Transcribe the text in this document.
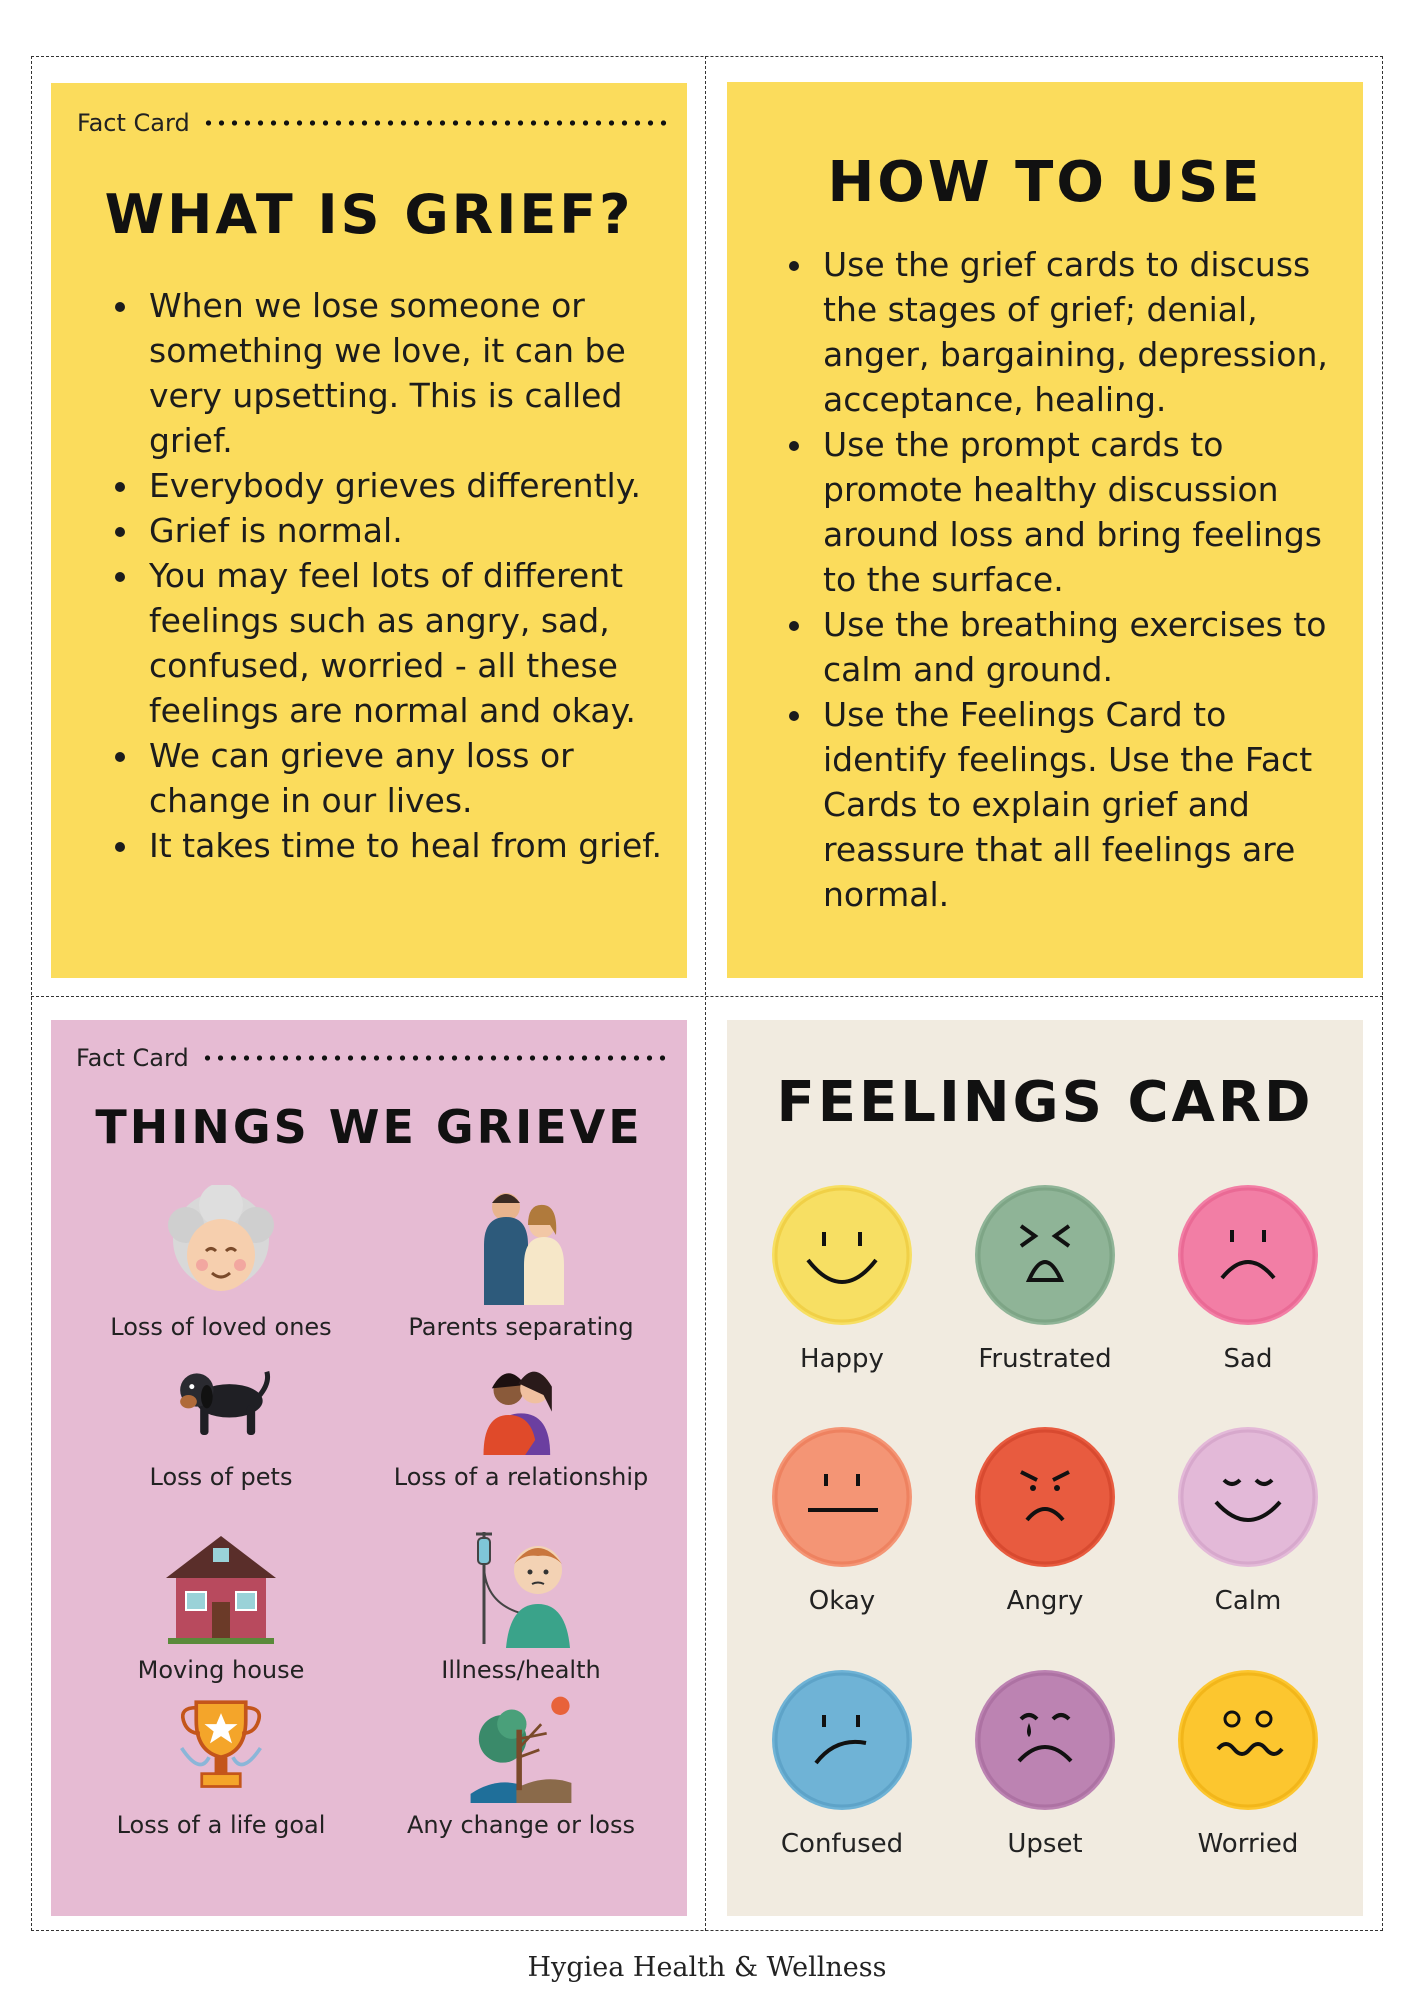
Fact Card
WHAT IS GRIEF?
When we lose someone or something we love, it can be very upsetting. This is called grief.
Everybody grieves differently.
Grief is normal.
You may feel lots of different feelings such as angry, sad, confused, worried - all these feelings are normal and okay.
We can grieve any loss or change in our lives.
It takes time to heal from grief.
HOW TO USE
Use the grief cards to discuss the stages of grief; denial, anger, bargaining, depression, acceptance, healing.
Use the prompt cards to promote healthy discussion around loss and bring feelings to the surface.
Use the breathing exercises to calm and ground.
Use the Feelings Card to identify feelings. Use the Fact Cards to explain grief and reassure that all feelings are normal.
Fact Card
THINGS WE GRIEVE
Loss of loved ones	Parents separating
Loss of pets	Loss of a relationship
Moving house	Illness/health
Loss of a life goal	Any change or loss
FEELINGS CARD
Happy	Frustrated	Sad
Okay	Angry	Calm
Confused	Upset	Worried
Hygiea Health & Wellness
